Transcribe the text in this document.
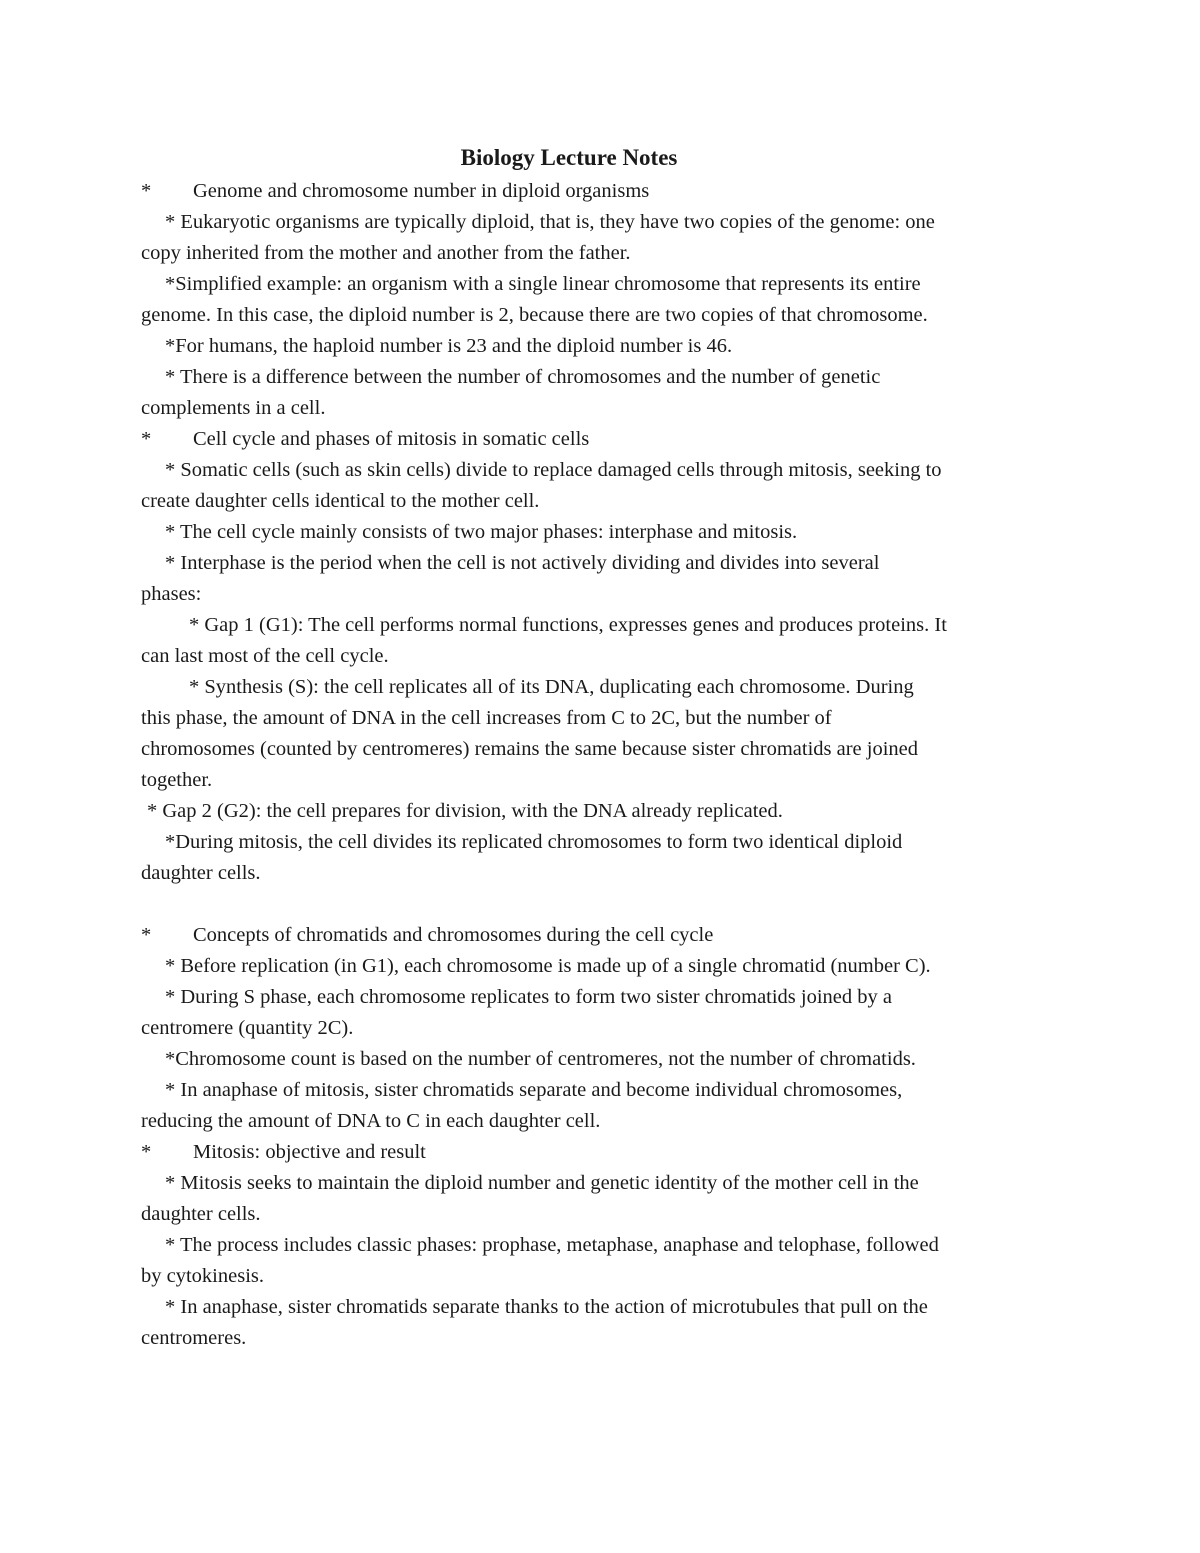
Biology Lecture Notes

* Genome and chromosome number in diploid organisms

* Eukaryotic organisms are typically diploid, that is, they have two copies of the genome: one

copy inherited from the mother and another from the father.

*Simplified example: an organism with a single linear chromosome that represents its entire

genome. In this case, the diploid number is 2, because there are two copies of that chromosome.

*For humans, the haploid number is 23 and the diploid number is 46.

* There is a difference between the number of chromosomes and the number of genetic

complements in a cell.

* Cell cycle and phases of mitosis in somatic cells

* Somatic cells (such as skin cells) divide to replace damaged cells through mitosis, seeking to

create daughter cells identical to the mother cell.

* The cell cycle mainly consists of two major phases: interphase and mitosis.

* Interphase is the period when the cell is not actively dividing and divides into several

phases:

* Gap 1 (G1): The cell performs normal functions, expresses genes and produces proteins. It

can last most of the cell cycle.

* Synthesis (S): the cell replicates all of its DNA, duplicating each chromosome. During

this phase, the amount of DNA in the cell increases from C to 2C, but the number of

chromosomes (counted by centromeres) remains the same because sister chromatids are joined

together.

* Gap 2 (G2): the cell prepares for division, with the DNA already replicated.

*During mitosis, the cell divides its replicated chromosomes to form two identical diploid

daughter cells.

* Concepts of chromatids and chromosomes during the cell cycle

* Before replication (in G1), each chromosome is made up of a single chromatid (number C).

* During S phase, each chromosome replicates to form two sister chromatids joined by a

centromere (quantity 2C).

*Chromosome count is based on the number of centromeres, not the number of chromatids.

* In anaphase of mitosis, sister chromatids separate and become individual chromosomes,

reducing the amount of DNA to C in each daughter cell.

* Mitosis: objective and result

* Mitosis seeks to maintain the diploid number and genetic identity of the mother cell in the

daughter cells.

* The process includes classic phases: prophase, metaphase, anaphase and telophase, followed

by cytokinesis.

* In anaphase, sister chromatids separate thanks to the action of microtubules that pull on the

centromeres.
